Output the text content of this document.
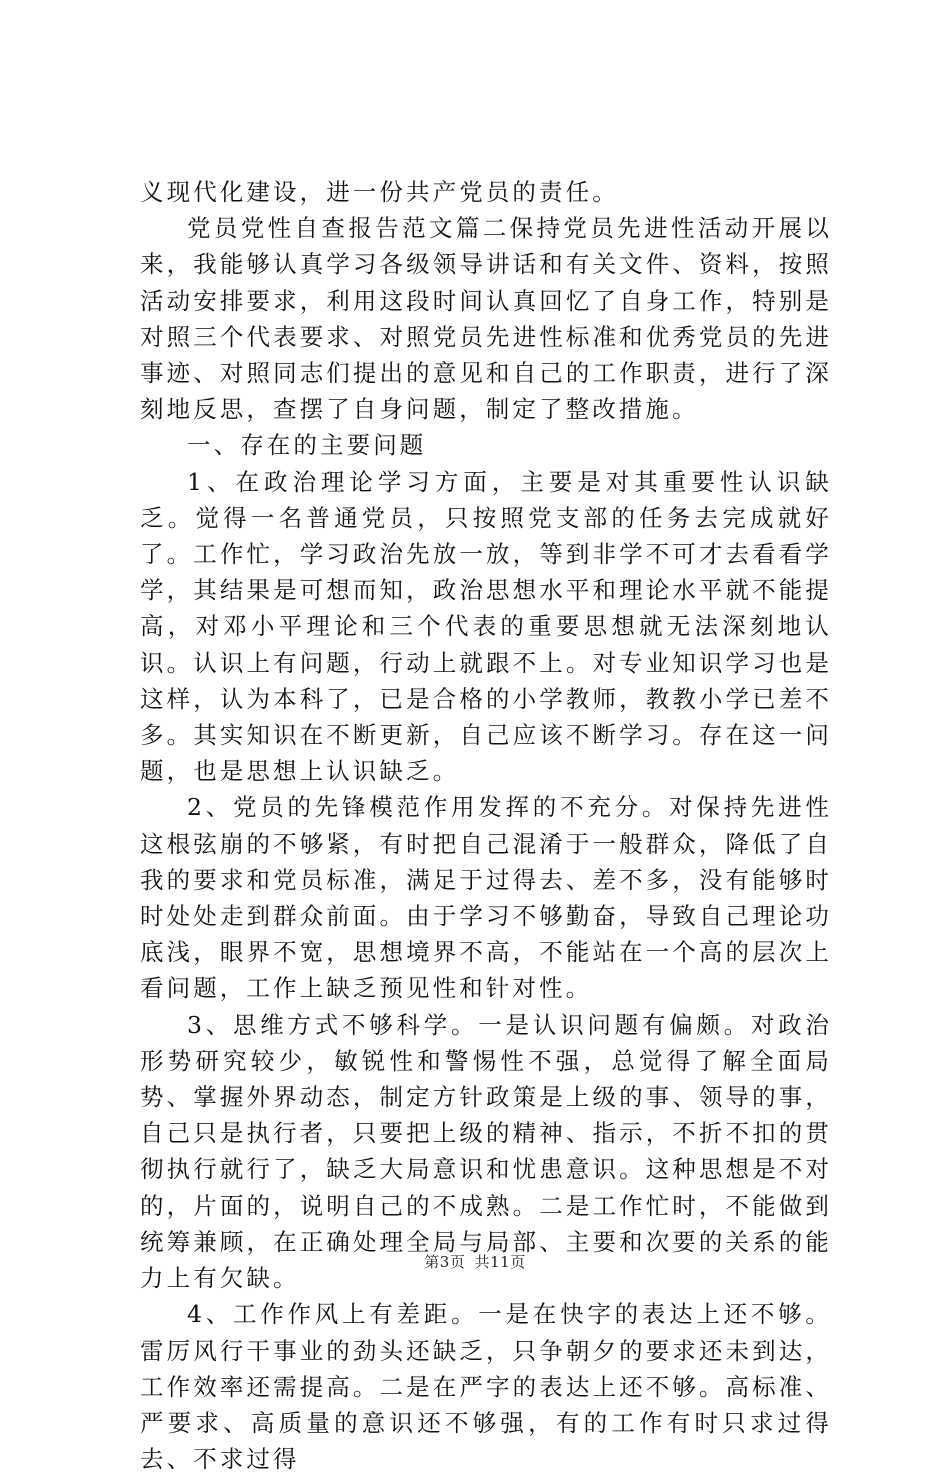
义现代化建设，进一份共产党员的责任。

党员党性自查报告范文篇二保持党员先进性活动开展以来，我能够认真学习各级领导讲话和有关文件、资料，按照活动安排要求，利用这段时间认真回忆了自身工作，特别是对照三个代表要求、对照党员先进性标准和优秀党员的先进事迹、对照同志们提出的意见和自己的工作职责，进行了深刻地反思，查摆了自身问题，制定了整改措施。

一、存在的主要问题

1、在政治理论学习方面，主要是对其重要性认识缺乏。觉得一名普通党员，只按照党支部的任务去完成就好了。工作忙，学习政治先放一放，等到非学不可才去看看学学，其结果是可想而知，政治思想水平和理论水平就不能提高，对邓小平理论和三个代表的重要思想就无法深刻地认识。认识上有问题，行动上就跟不上。对专业知识学习也是这样，认为本科了，已是合格的小学教师，教教小学已差不多。其实知识在不断更新，自己应该不断学习。存在这一问题，也是思想上认识缺乏。

2、党员的先锋模范作用发挥的不充分。对保持先进性这根弦崩的不够紧，有时把自己混淆于一般群众，降低了自我的要求和党员标准，满足于过得去、差不多，没有能够时时处处走到群众前面。由于学习不够勤奋，导致自己理论功底浅，眼界不宽，思想境界不高，不能站在一个高的层次上看问题，工作上缺乏预见性和针对性。

3、思维方式不够科学。一是认识问题有偏颇。对政治形势研究较少，敏锐性和警惕性不强，总觉得了解全面局势、掌握外界动态，制定方针政策是上级的事、领导的事，自己只是执行者，只要把上级的精神、指示，不折不扣的贯彻执行就行了，缺乏大局意识和忧患意识。这种思想是不对的，片面的，说明自己的不成熟。二是工作忙时，不能做到统筹兼顾，在正确处理全局与局部、主要和次要的关系的能力上有欠缺。

4、工作作风上有差距。一是在快字的表达上还不够。雷厉风行干事业的劲头还缺乏，只争朝夕的要求还未到达，工作效率还需提高。二是在严字的表达上还不够。高标准、严要求、高质量的意识还不够强，有的工作有时只求过得去、不求过得

第3页 共11页
